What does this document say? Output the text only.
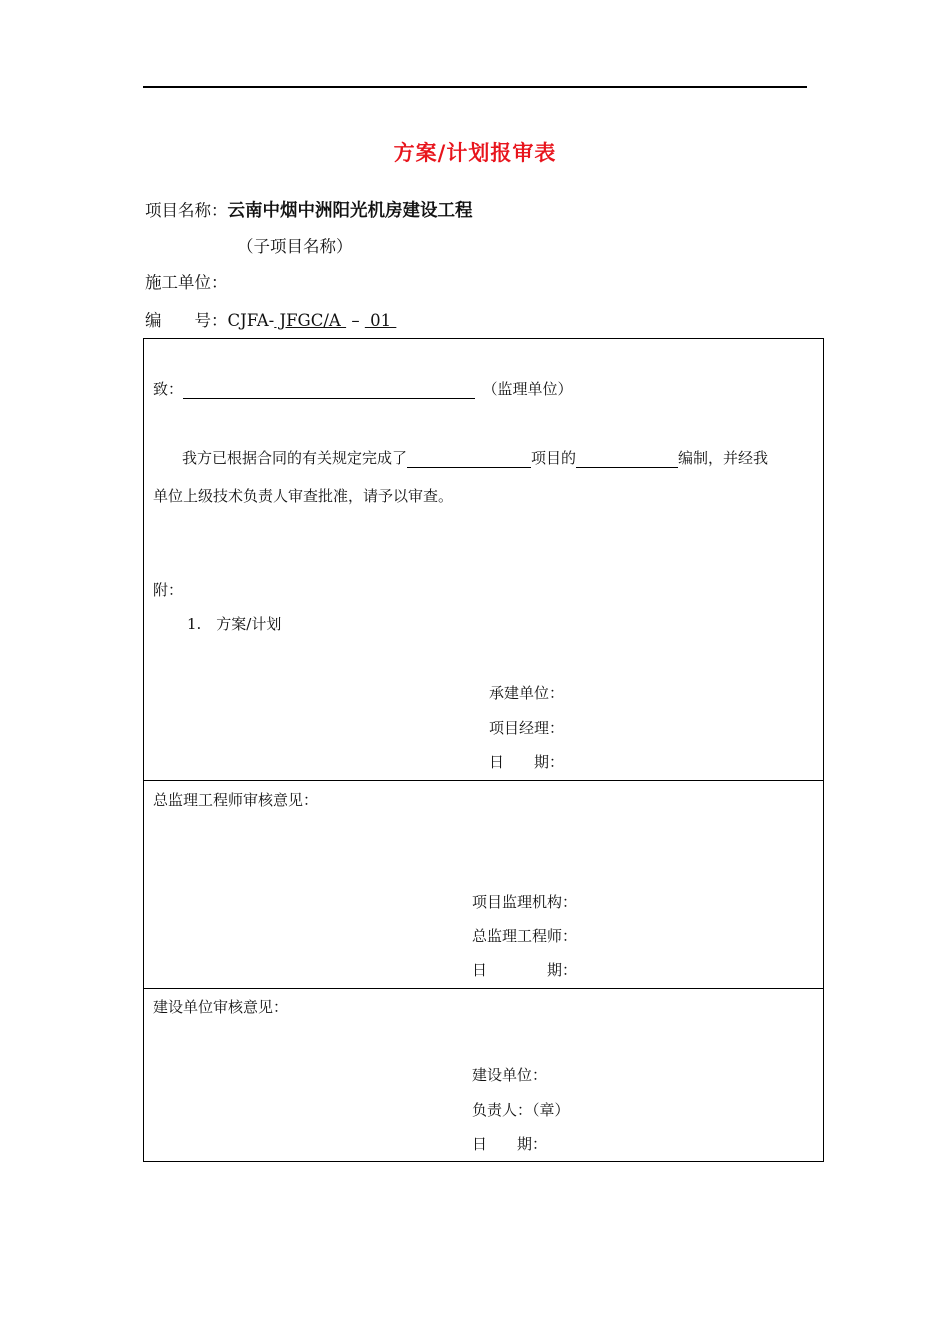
方案/计划报审表
项目名称：云南中烟中洲阳光机房建设工程
（子项目名称）
施工单位：
编　　号：CJFA- JFGC/A  –  01
致：　	（监理单位）
我方已根据合同的有关规定完成了	项目的	编制，并经我
单位上级技术负责人审查批准，请予以审查。
附：
1.　方案/计划
承建单位：
项目经理：
日　　期：
总监理工程师审核意见：
项目监理机构：
总监理工程师：
日　　　　期：
建设单位审核意见：
建设单位：
负责人：（章）
日　　期：
